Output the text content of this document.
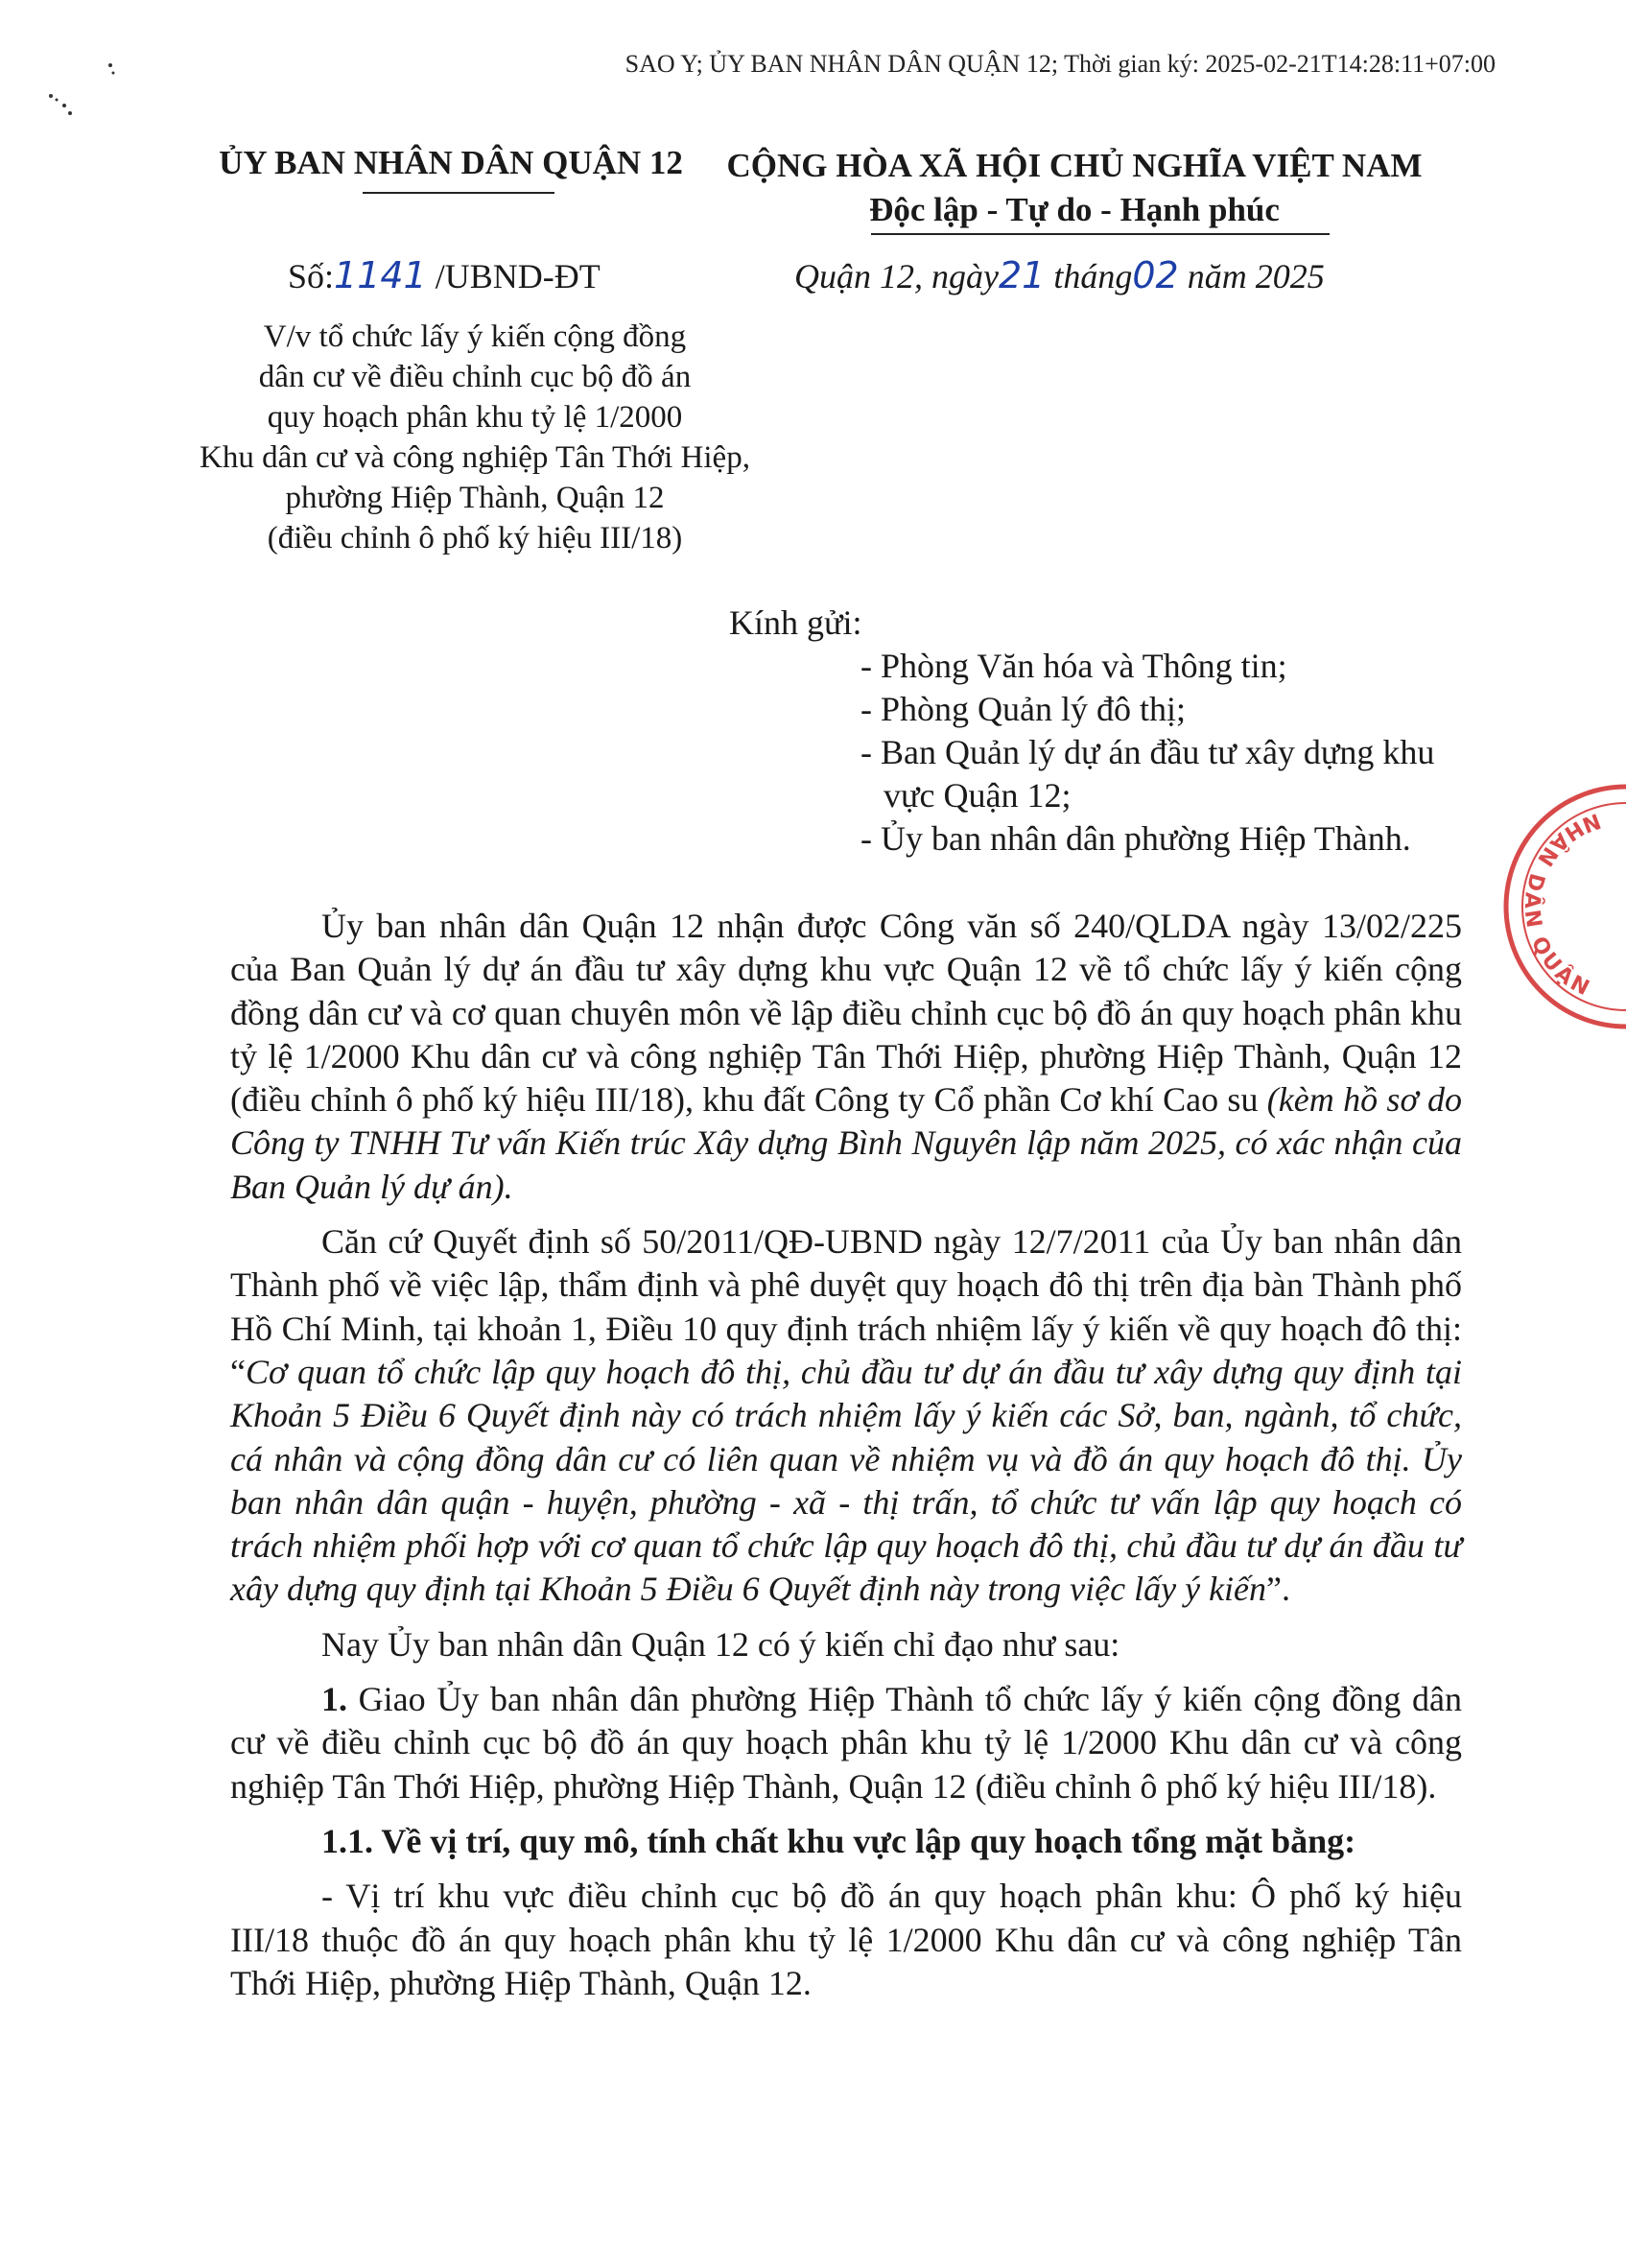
SAO Y; ỦY BAN NHÂN DÂN QUẬN 12; Thời gian ký: 2025-02-21T14:28:11+07:00
ỦY BAN NHÂN DÂN QUẬN 12	CỘNG HÒA XÃ HỘI CHỦ NGHĨA VIỆT NAM
Độc lập - Tự do - Hạnh phúc
Số:1141 /UBND-ĐT	Quận 12, ngày21 tháng02 năm 2025
V/v tổ chức lấy ý kiến cộng đồng
dân cư về điều chỉnh cục bộ đồ án
quy hoạch phân khu tỷ lệ 1/2000
Khu dân cư và công nghiệp Tân Thới Hiệp,
phường Hiệp Thành, Quận 12
(điều chỉnh ô phố ký hiệu III/18)
Kính gửi:
- Phòng Văn hóa và Thông tin;
- Phòng Quản lý đô thị;
- Ban Quản lý dự án đầu tư xây dựng khu vực Quận 12;
- Ủy ban nhân dân phường Hiệp Thành.	NHÂN DÂN QUẬN

Ủy ban nhân dân Quận 12 nhận được Công văn số 240/QLDA ngày 13/02/225 của Ban Quản lý dự án đầu tư xây dựng khu vực Quận 12 về tổ chức lấy ý kiến cộng đồng dân cư và cơ quan chuyên môn về lập điều chỉnh cục bộ đồ án quy hoạch phân khu tỷ lệ 1/2000 Khu dân cư và công nghiệp Tân Thới Hiệp, phường Hiệp Thành, Quận 12 (điều chỉnh ô phố ký hiệu III/18), khu đất Công ty Cổ phần Cơ khí Cao su (kèm hồ sơ do Công ty TNHH Tư vấn Kiến trúc Xây dựng Bình Nguyên lập năm 2025, có xác nhận của Ban Quản lý dự án).

Căn cứ Quyết định số 50/2011/QĐ-UBND ngày 12/7/2011 của Ủy ban nhân dân Thành phố về việc lập, thẩm định và phê duyệt quy hoạch đô thị trên địa bàn Thành phố Hồ Chí Minh, tại khoản 1, Điều 10 quy định trách nhiệm lấy ý kiến về quy hoạch đô thị: “Cơ quan tổ chức lập quy hoạch đô thị, chủ đầu tư dự án đầu tư xây dựng quy định tại Khoản 5 Điều 6 Quyết định này có trách nhiệm lấy ý kiến các Sở, ban, ngành, tổ chức, cá nhân và cộng đồng dân cư có liên quan về nhiệm vụ và đồ án quy hoạch đô thị. Ủy ban nhân dân quận - huyện, phường - xã - thị trấn, tổ chức tư vấn lập quy hoạch có trách nhiệm phối hợp với cơ quan tổ chức lập quy hoạch đô thị, chủ đầu tư dự án đầu tư xây dựng quy định tại Khoản 5 Điều 6 Quyết định này trong việc lấy ý kiến”.

Nay Ủy ban nhân dân Quận 12 có ý kiến chỉ đạo như sau:

1. Giao Ủy ban nhân dân phường Hiệp Thành tổ chức lấy ý kiến cộng đồng dân cư về điều chỉnh cục bộ đồ án quy hoạch phân khu tỷ lệ 1/2000 Khu dân cư và công nghiệp Tân Thới Hiệp, phường Hiệp Thành, Quận 12 (điều chỉnh ô phố ký hiệu III/18).

1.1. Về vị trí, quy mô, tính chất khu vực lập quy hoạch tổng mặt bằng:

- Vị trí khu vực điều chỉnh cục bộ đồ án quy hoạch phân khu: Ô phố ký hiệu III/18 thuộc đồ án quy hoạch phân khu tỷ lệ 1/2000 Khu dân cư và công nghiệp Tân Thới Hiệp, phường Hiệp Thành, Quận 12.
